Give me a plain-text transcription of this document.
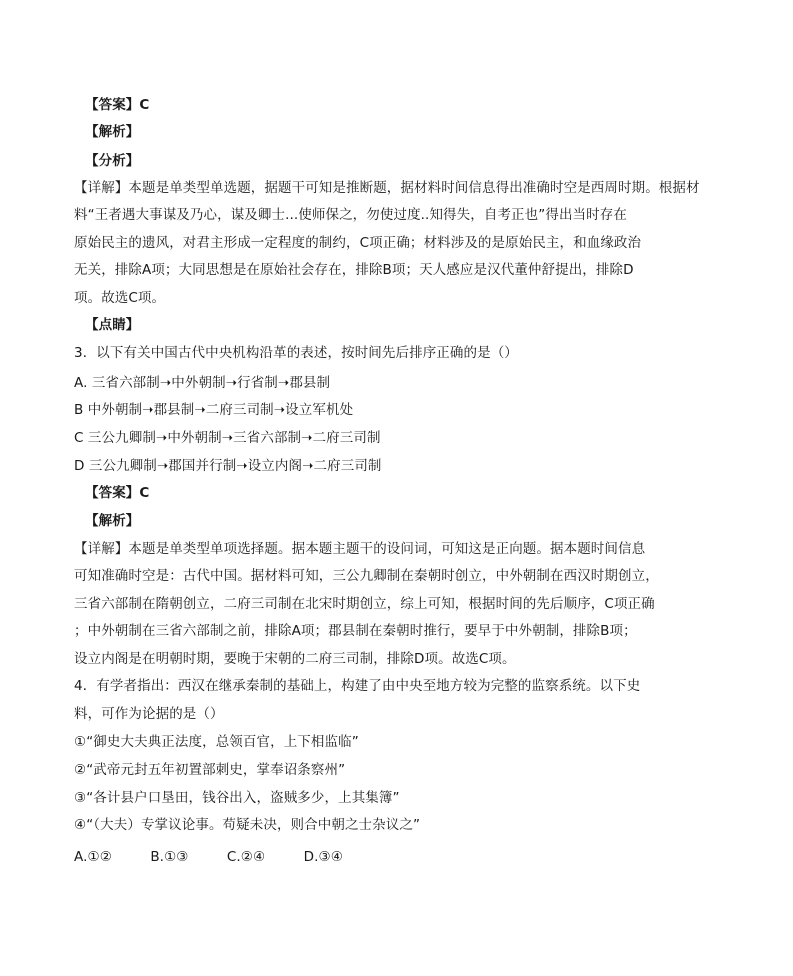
【答案】C
【解析】
【分析】
【详解】本题是单类型单选题，据题干可知是推断题，据材料时间信息得出准确时空是西周时期。根据材
料“王者遇大事谋及乃心，谋及卿士...使师保之，勿使过度..知得失，自考正也”得出当时存在
原始民主的遗风，对君主形成一定程度的制约，C项正确；材料涉及的是原始民主，和血缘政治
无关，排除A项；大同思想是在原始社会存在，排除B项；天人感应是汉代董仲舒提出，排除D
项。故选C项。
【点睛】
3．以下有关中国古代中央机构沿革的表述，按时间先后排序正确的是（）
A. 三省六部制➝中外朝制➝行省制➝郡县制
B 中外朝制➝郡县制➝二府三司制➝设立军机处
C 三公九卿制➝中外朝制➝三省六部制➝二府三司制
D 三公九卿制➝郡国并行制➝设立内阁➝二府三司制
【答案】C
【解析】
【详解】本题是单类型单项选择题。据本题主题干的设问词，可知这是正向题。据本题时间信息
可知准确时空是：古代中国。据材料可知，三公九卿制在秦朝时创立，中外朝制在西汉时期创立，
三省六部制在隋朝创立，二府三司制在北宋时期创立，综上可知，根据时间的先后顺序，C项正确
；中外朝制在三省六部制之前，排除A项；郡县制在秦朝时推行，要早于中外朝制，排除B项；
设立内阁是在明朝时期，要晚于宋朝的二府三司制，排除D项。故选C项。
4．有学者指出：西汉在继承秦制的基础上，构建了由中央至地方较为完整的监察系统。以下史
料，可作为论据的是（）
①“御史大夫典正法度，总领百官，上下相监临”
②“武帝元封五年初置部刺史，掌奉诏条察州”
③“各计县户口垦田，钱谷出入，盗贼多少，上其集簿”
④“（大夫）专掌议论事。苟疑未决，则合中朝之士杂议之”
A.①②	B.①③	C.②④	D.③④
